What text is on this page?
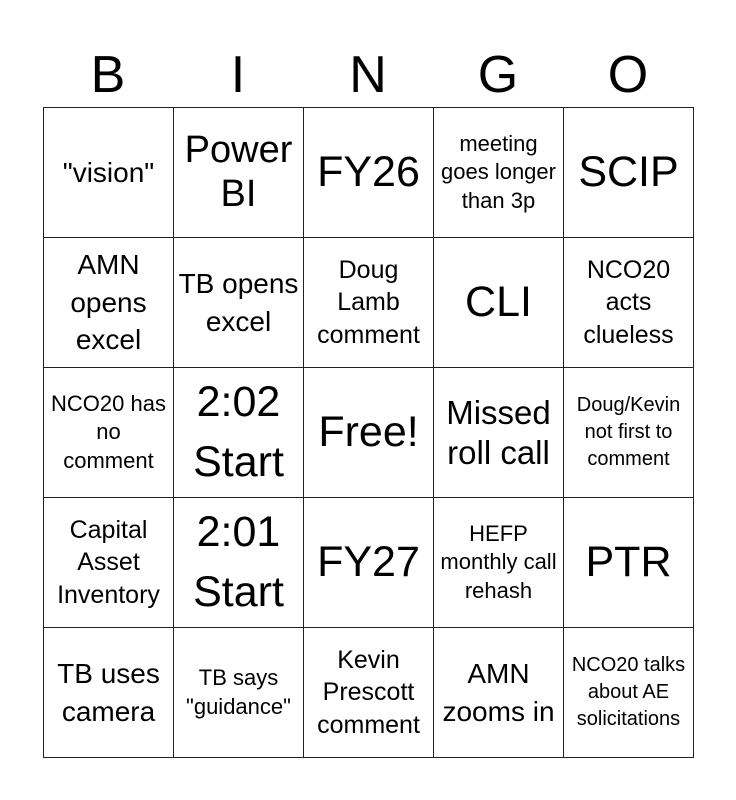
B	I	N	G	O
"vision"
Power BI	FY26
meeting goes longer than 3p
SCIP
AMN opens excel
TB opens excel
Doug Lamb comment
CLI
NCO20 acts clueless
NCO20 has no comment
2:02 Start
Free! Missed roll call
Doug/Kevin not first to comment
Capital Asset Inventory
2:01 Start
FY27
HEFP monthly call rehash
PTR
TB uses camera
TB says "guidance"
Kevin Prescott comment
AMN zooms in
NCO20 talks about AE solicitations
